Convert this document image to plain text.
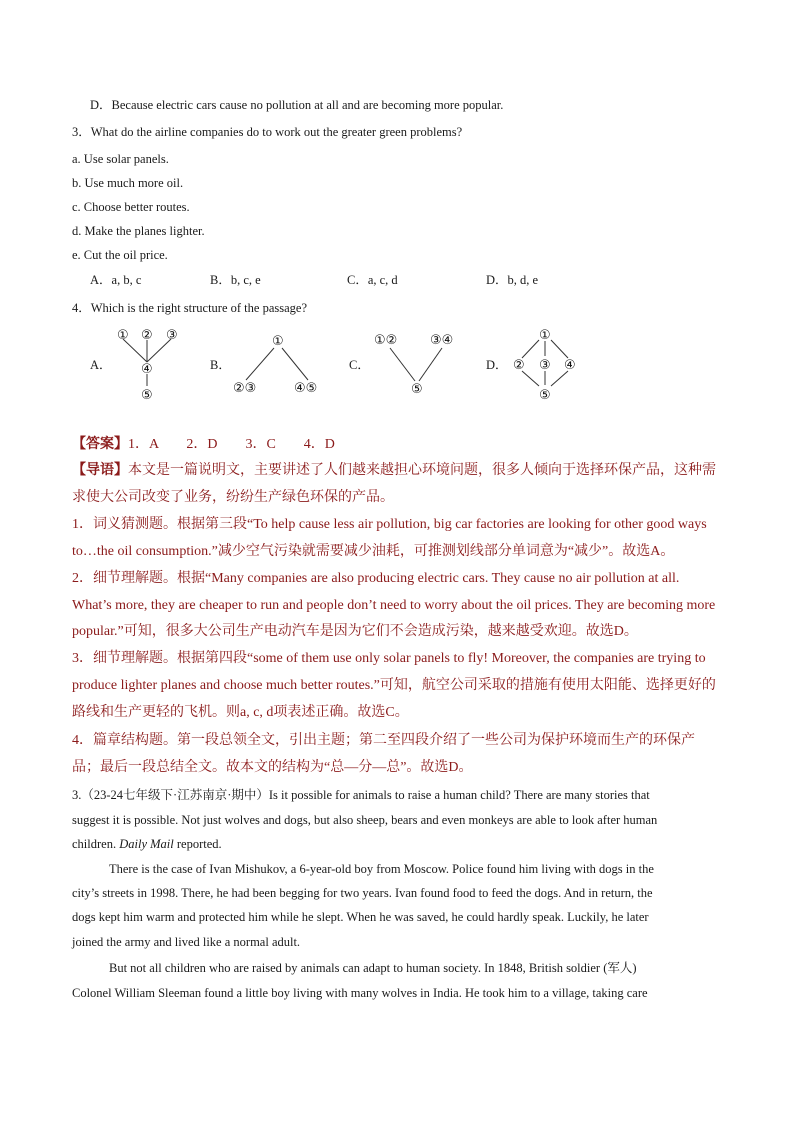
D．Because electric cars cause no pollution at all and are becoming more popular.
3．What do the airline companies do to work out the greater green problems?
a. Use solar panels.
b. Use much more oil.
c. Choose better routes.
d. Make the planes lighter.
e. Cut the oil price.
A．a, b, c	B．b, c, e	C．a, c, d	D．b, d, e
4．Which is the right structure of the passage?
A．	B．	C．	D．
① ② ③
④
⑤
①
②③	④⑤
①②	③④
⑤
①
② ③ ④
⑤
【答案】1．A　　2．D　　3．C　　4．D
【导语】本文是一篇说明文，主要讲述了人们越来越担心环境问题，很多人倾向于选择环保产品，这种需
求使大公司改变了业务，纷纷生产绿色环保的产品。
1．词义猜测题。根据第三段“To help cause less air pollution, big car factories are looking for other good ways
to…the oil consumption.”减少空气污染就需要减少油耗，可推测划线部分单词意为“减少”。故选A。
2．细节理解题。根据“Many companies are also producing electric cars. They cause no air pollution at all.
What’s more, they are cheaper to run and people don’t need to worry about the oil prices. They are becoming more
popular.”可知，很多大公司生产电动汽车是因为它们不会造成污染，越来越受欢迎。故选D。
3．细节理解题。根据第四段“some of them use only solar panels to fly! Moreover, the companies are trying to
produce lighter planes and choose much better routes.”可知，航空公司采取的措施有使用太阳能、选择更好的
路线和生产更轻的飞机。则a, c, d项表述正确。故选C。
4．篇章结构题。第一段总领全文，引出主题；第二至四段介绍了一些公司为保护环境而生产的环保产
品；最后一段总结全文。故本文的结构为“总—分—总”。故选D。
3.（23-24七年级下·江苏南京·期中）Is it possible for animals to raise a human child? There are many stories that
suggest it is possible. Not just wolves and dogs, but also sheep, bears and even monkeys are able to look after human
children. Daily Mail reported.
There is the case of Ivan Mishukov, a 6-year-old boy from Moscow. Police found him living with dogs in the
city’s streets in 1998. There, he had been begging for two years. Ivan found food to feed the dogs. And in return, the
dogs kept him warm and protected him while he slept. When he was saved, he could hardly speak. Luckily, he later
joined the army and lived like a normal adult.
But not all children who are raised by animals can adapt to human society. In 1848, British soldier (军人)
Colonel William Sleeman found a little boy living with many wolves in India. He took him to a village, taking care
